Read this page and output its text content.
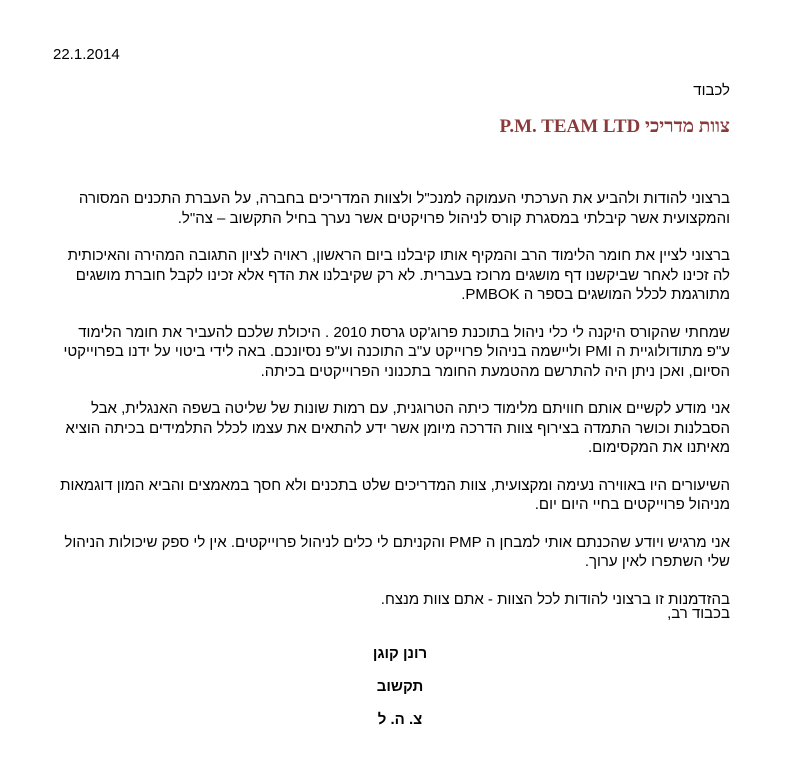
22.1.2014
לכבוד
צוות מדריכי P.M. TEAM LTD

ברצוני להודות ולהביע את הערכתי העמוקה למנכ"ל ולצוות המדריכים בחברה, על העברת התכנים המסורה והמקצועית אשר קיבלתי במסגרת קורס לניהול פרויקטים אשר נערך בחיל התקשוב – צה"ל.

ברצוני לציין את חומר הלימוד הרב והמקיף אותו קיבלנו ביום הראשון, ראויה לציון התגובה המהירה והאיכותית לה זכינו לאחר שביקשנו דף מושגים מרוכז בעברית. לא רק שקיבלנו את הדף אלא זכינו לקבל חוברת מושגים מתורגמת לכלל המושגים בספר ה PMBOK.

שמחתי שהקורס היקנה לי כלי ניהול בתוכנת פרוג'קט גרסת 2010 . היכולת שלכם להעביר את חומר הלימוד ע"פ מתודולוגיית ה PMI וליישמה בניהול פרוייקט ע"ב התוכנה וע"פ נסיונכם. באה לידי ביטוי על ידנו בפרוייקטי הסיום, ואכן ניתן היה להתרשם מהטמעת החומר בתכנוני הפרוייקטים בכיתה.

אני מודע לקשיים אותם חוויתם מלימוד כיתה הטרוגנית, עם רמות שונות של שליטה בשפה האנגלית, אבל הסבלנות וכושר התמדה בצירוף צוות הדרכה מיומן אשר ידע להתאים את עצמו לכלל התלמידים בכיתה הוציא מאיתנו את המקסימום.

השיעורים היו באווירה נעימה ומקצועית, צוות המדריכים שלט בתכנים ולא חסך במאמצים והביא המון דוגמאות מניהול פרוייקטים בחיי היום יום.

אני מרגיש ויודע שהכנתם אותי למבחן ה PMP והקניתם לי כלים לניהול פרוייקטים. אין לי ספק שיכולות הניהול שלי השתפרו לאין ערוך.

בהזדמנות זו ברצוני להודות לכל הצוות - אתם צוות מנצח.

בכבוד רב,
רונן קוגן
תקשוב
צ. ה. ל
